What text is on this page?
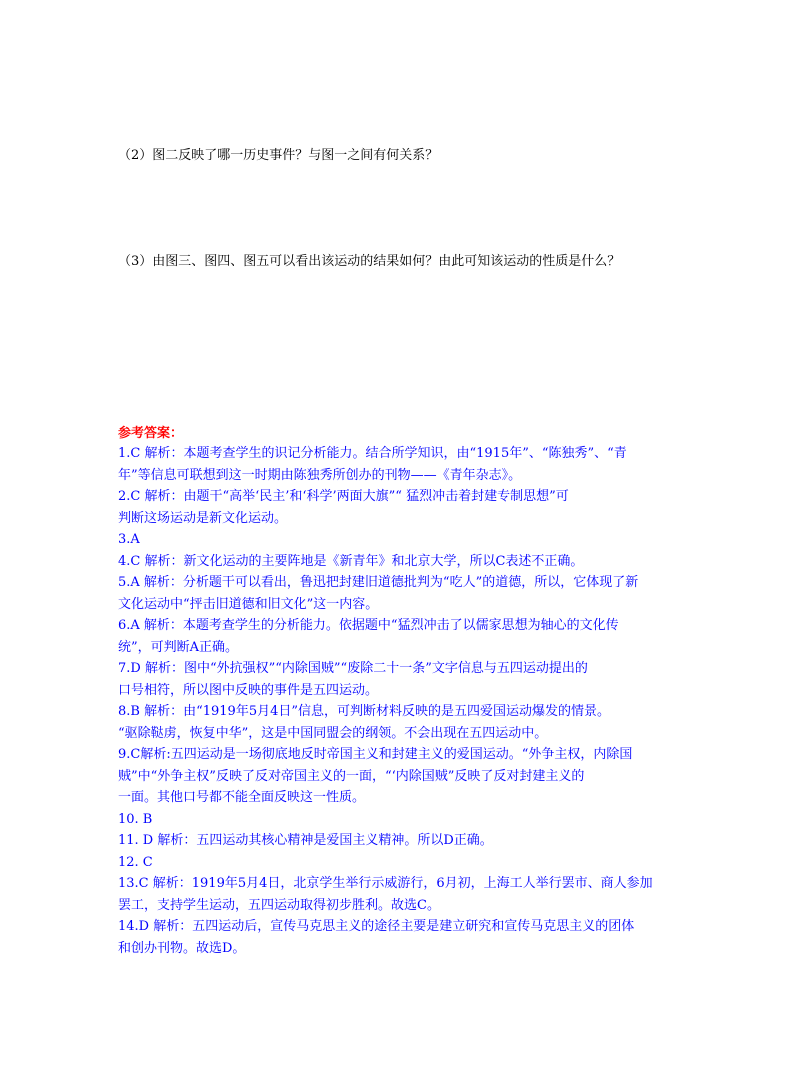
（2）图二反映了哪一历史事件？与图一之间有何关系？
（3）由图三、图四、图五可以看出该运动的结果如何？由此可知该运动的性质是什么？
参考答案：
1.C 解析：本题考查学生的识记分析能力。结合所学知识，由“1915年”、“陈独秀”、“青
年”等信息可联想到这一时期由陈独秀所创办的刊物——《青年杂志》。
2.C 解析：由题干“高举‘民主’和‘科学’两面大旗”“ 猛烈冲击着封建专制思想”可
判断这场运动是新文化运动。
3.A
4.C 解析：新文化运动的主要阵地是《新青年》和北京大学，所以C表述不正确。
5.A 解析：分析题干可以看出，鲁迅把封建旧道德批判为“吃人”的道德，所以，它体现了新
文化运动中“抨击旧道德和旧文化”这一内容。
6.A 解析：本题考查学生的分析能力。依据题中“猛烈冲击了以儒家思想为轴心的文化传
统”，可判断A正确。
7.D 解析：图中“外抗强权”“内除国贼”“废除二十一条”文字信息与五四运动提出的
口号相符，所以图中反映的事件是五四运动。
8.B 解析：由“1919年5月4日”信息，可判断材料反映的是五四爱国运动爆发的情景。
“驱除鞑虏，恢复中华”，这是中国同盟会的纲领。不会出现在五四运动中。
9.C解析:五四运动是一场彻底地反时帝国主义和封建主义的爱国运动。“外争主权，内除国
贼”中“外争主权”反映了反对帝国主义的一面，“‘内除国贼”反映了反对封建主义的
一面。其他口号都不能全面反映这一性质。
10. B
11. D 解析：五四运动其核心精神是爱国主义精神。所以D正确。
12. C
13.C 解析：1919年5月4日，北京学生举行示威游行，6月初，上海工人举行罢市、商人参加
罢工，支持学生运动，五四运动取得初步胜利。故选C。
14.D 解析：五四运动后，宣传马克思主义的途径主要是建立研究和宣传马克思主义的团体
和创办刊物。故选D。
